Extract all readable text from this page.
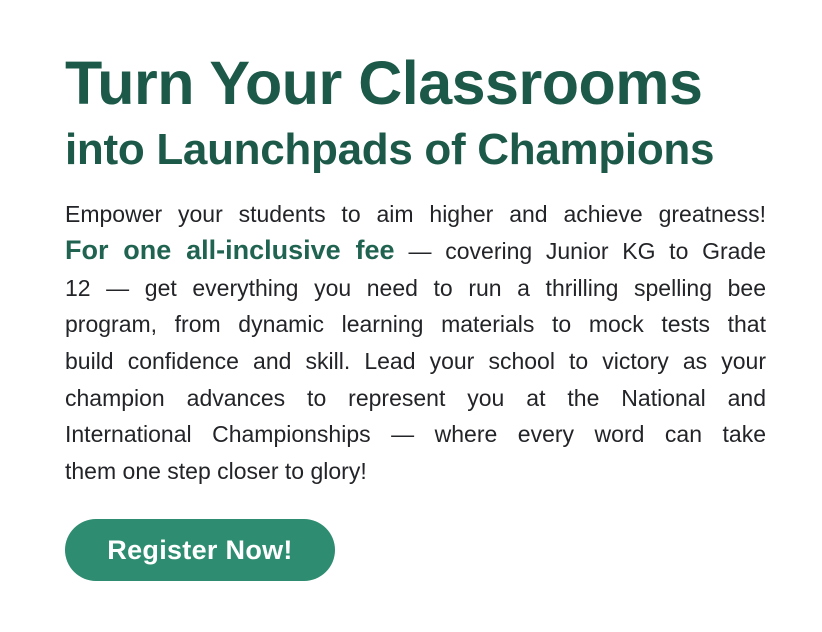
Turn Your Classrooms
into Launchpads of Champions

Empower your students to aim higher and achieve greatness!
For one all-inclusive fee — covering Junior KG to Grade
12 — get everything you need to run a thrilling spelling bee
program, from dynamic learning materials to mock tests that
build confidence and skill. Lead your school to victory as your
champion advances to represent you at the National and
International Championships — where every word can take
them one step closer to glory!

Register Now!
